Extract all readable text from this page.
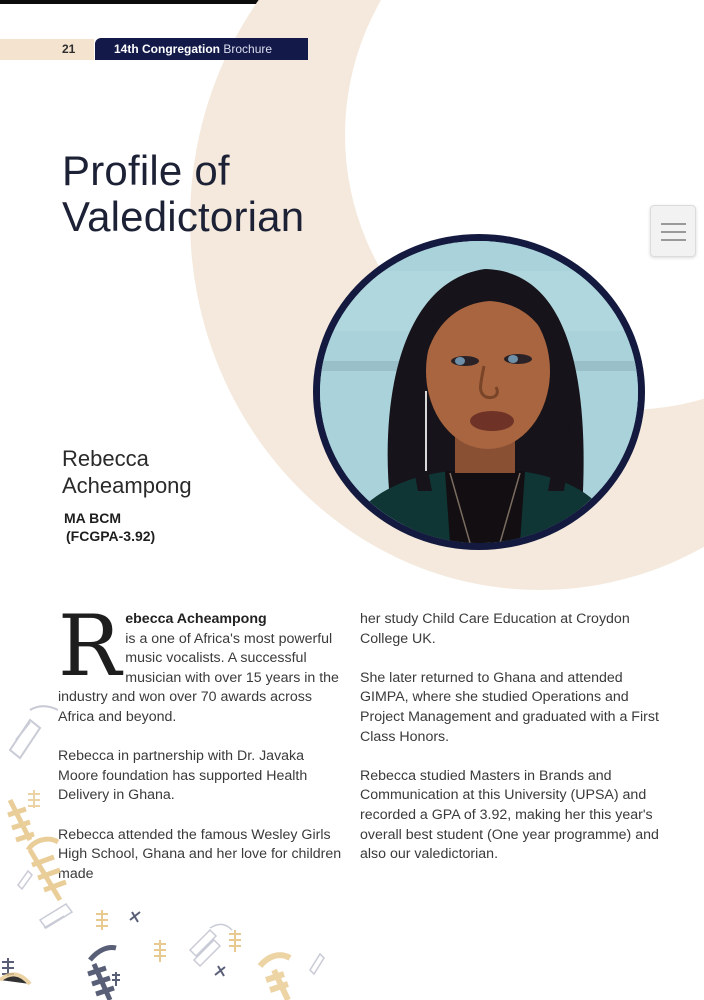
21	14th Congregation Brochure
Profile of
Valedictorian
Rebecca
Acheampong
MA BCM
(FCGPA-3.92)

R ebecca Acheampong
is a one of Africa's most powerful music vocalists. A successful musician with over 15 years in the industry and won over 70 awards across Africa and beyond.

Rebecca in partnership with Dr. Javaka Moore foundation has supported Health Delivery in Ghana.

Rebecca attended the famous Wesley Girls High School, Ghana and her love for children made

her study Child Care Education at Croydon College UK.

She later returned to Ghana and attended GIMPA, where she studied Operations and Project Management and graduated with a First Class Honors.

Rebecca studied Masters in Brands and Communication at this University (UPSA) and recorded a GPA of 3.92, making her this year's overall best student (One year programme) and also our valedictorian.
